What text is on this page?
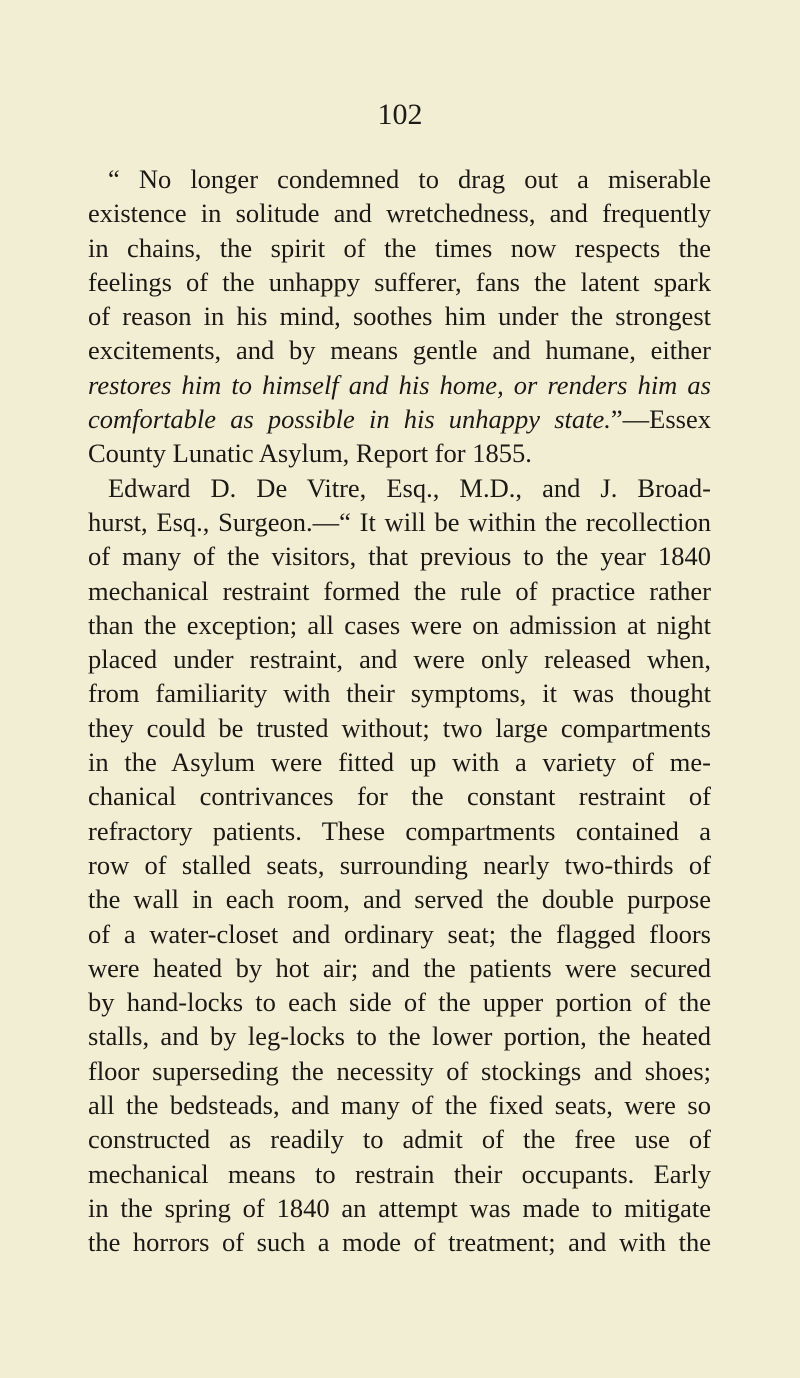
102
“ No longer condemned to drag out a miserable
existence in solitude and wretchedness, and frequently
in chains, the spirit of the times now respects the
feelings of the unhappy sufferer, fans the latent spark
of reason in his mind, soothes him under the strongest
excitements, and by means gentle and humane, either
restores him to himself and his home, or renders him as
comfortable as possible in his unhappy state.”—Essex
County Lunatic Asylum, Report for 1855.
Edward D. De Vitre, Esq., M.D., and J. Broad-
hurst, Esq., Surgeon.—“ It will be within the recollection
of many of the visitors, that previous to the year 1840
mechanical restraint formed the rule of practice rather
than the exception; all cases were on admission at night
placed under restraint, and were only released when,
from familiarity with their symptoms, it was thought
they could be trusted without; two large compartments
in the Asylum were fitted up with a variety of me-
chanical contrivances for the constant restraint of
refractory patients. These compartments contained a
row of stalled seats, surrounding nearly two-thirds of
the wall in each room, and served the double purpose
of a water-closet and ordinary seat; the flagged floors
were heated by hot air; and the patients were secured
by hand-locks to each side of the upper portion of the
stalls, and by leg-locks to the lower portion, the heated
floor superseding the necessity of stockings and shoes;
all the bedsteads, and many of the fixed seats, were so
constructed as readily to admit of the free use of
mechanical means to restrain their occupants. Early
in the spring of 1840 an attempt was made to mitigate
the horrors of such a mode of treatment; and with the
